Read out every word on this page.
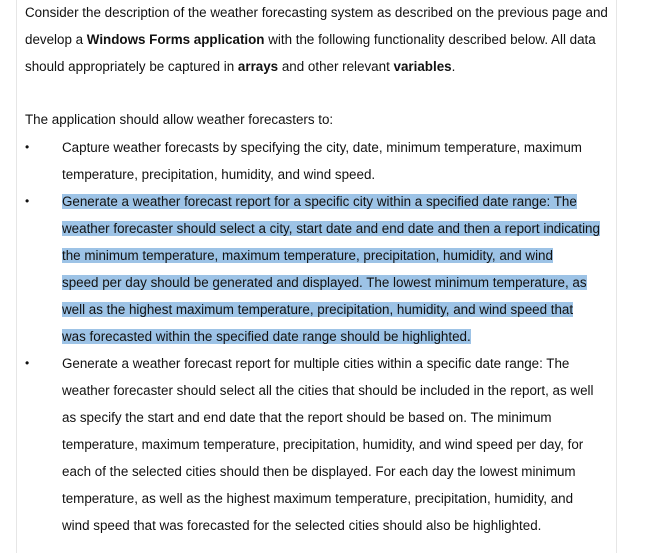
Consider the description of the weather forecasting system as described on the previous page and
develop a Windows Forms application with the following functionality described below. All data
should appropriately be captured in arrays and other relevant variables.
The application should allow weather forecasters to:
• Capture weather forecasts by specifying the city, date, minimum temperature, maximum
temperature, precipitation, humidity, and wind speed.
• Generate a weather forecast report for a specific city within a specified date range: The
weather forecaster should select a city, start date and end date and then a report indicating
the minimum temperature, maximum temperature, precipitation, humidity, and wind
speed per day should be generated and displayed. The lowest minimum temperature, as
well as the highest maximum temperature, precipitation, humidity, and wind speed that
was forecasted within the specified date range should be highlighted.
• Generate a weather forecast report for multiple cities within a specific date range: The
weather forecaster should select all the cities that should be included in the report, as well
as specify the start and end date that the report should be based on. The minimum
temperature, maximum temperature, precipitation, humidity, and wind speed per day, for
each of the selected cities should then be displayed. For each day the lowest minimum
temperature, as well as the highest maximum temperature, precipitation, humidity, and
wind speed that was forecasted for the selected cities should also be highlighted.
